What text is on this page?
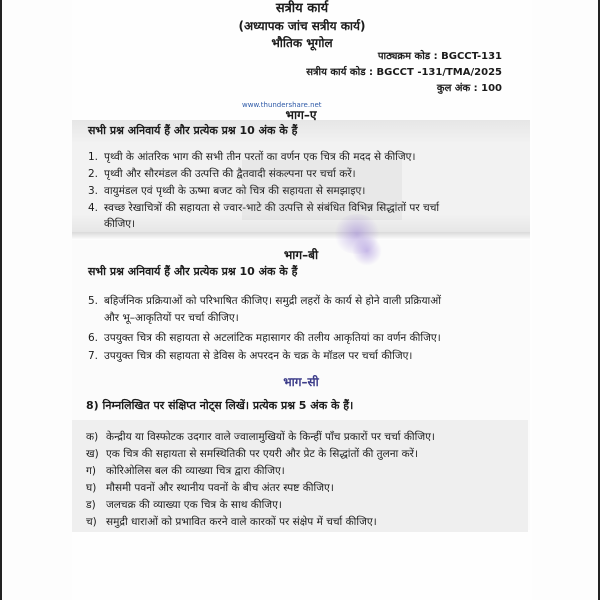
सत्रीय कार्य
(अध्यापक जांच सत्रीय कार्य)
भौतिक भूगोल
पाठ्यक्रम कोड : BGCCT-131
सत्रीय कार्य कोड : BGCCT -131/TMA/2025
कुल अंक : 100
www.thundershare.net
भाग–ए
सभी प्रश्न अनिवार्य हैं और प्रत्येक प्रश्न 10 अंक के हैं
1. पृथ्वी के आंतरिक भाग की सभी तीन परतों का वर्णन एक चित्र की मदद से कीजिए।
2. पृथ्वी और सौरमंडल की उत्पत्ति की द्वैतवादी संकल्पना पर चर्चा करें।
3. वायुमंडल एवं पृथ्वी के ऊष्मा बजट को चित्र की सहायता से समझाइए।
4. स्वच्छ रेखाचित्रों की सहायता से ज्वार-भाटे की उत्पत्ति से संबंधित विभिन्न सिद्धांतों पर चर्चा
कीजिए।
भाग–बी
सभी प्रश्न अनिवार्य हैं और प्रत्येक प्रश्न 10 अंक के हैं
5. बहिर्जनिक प्रक्रियाओं को परिभाषित कीजिए। समुद्री लहरों के कार्य से होने वाली प्रक्रियाओं
और भू–आकृतियों पर चर्चा कीजिए।
6. उपयुक्त चित्र की सहायता से अटलांटिक महासागर की तलीय आकृतियां का वर्णन कीजिए।
7. उपयुक्त चित्र की सहायता से डेविस के अपरदन के चक्र के मॉडल पर चर्चा कीजिए।
भाग–सी
8) निम्नलिखित पर संक्षिप्त नोट्स लिखें। प्रत्येक प्रश्न 5 अंक के हैं।
क) केन्द्रीय या विस्फोटक उदगार वाले ज्वालामुखियों के किन्हीं पाँच प्रकारों पर चर्चा कीजिए।
ख) एक चित्र की सहायता से समस्थितिकी पर एयरी और प्रेट के सिद्धांतों की तुलना करें।
ग) कोरिओलिस बल की व्याख्या चित्र द्वारा कीजिए।
घ) मौसमी पवनों और स्थानीय पवनों के बीच अंतर स्पष्ट कीजिए।
ड) जलचक्र की व्याख्या एक चित्र के साथ कीजिए।
च) समुद्री धाराओं को प्रभावित करने वाले कारकों पर संक्षेप में चर्चा कीजिए।
